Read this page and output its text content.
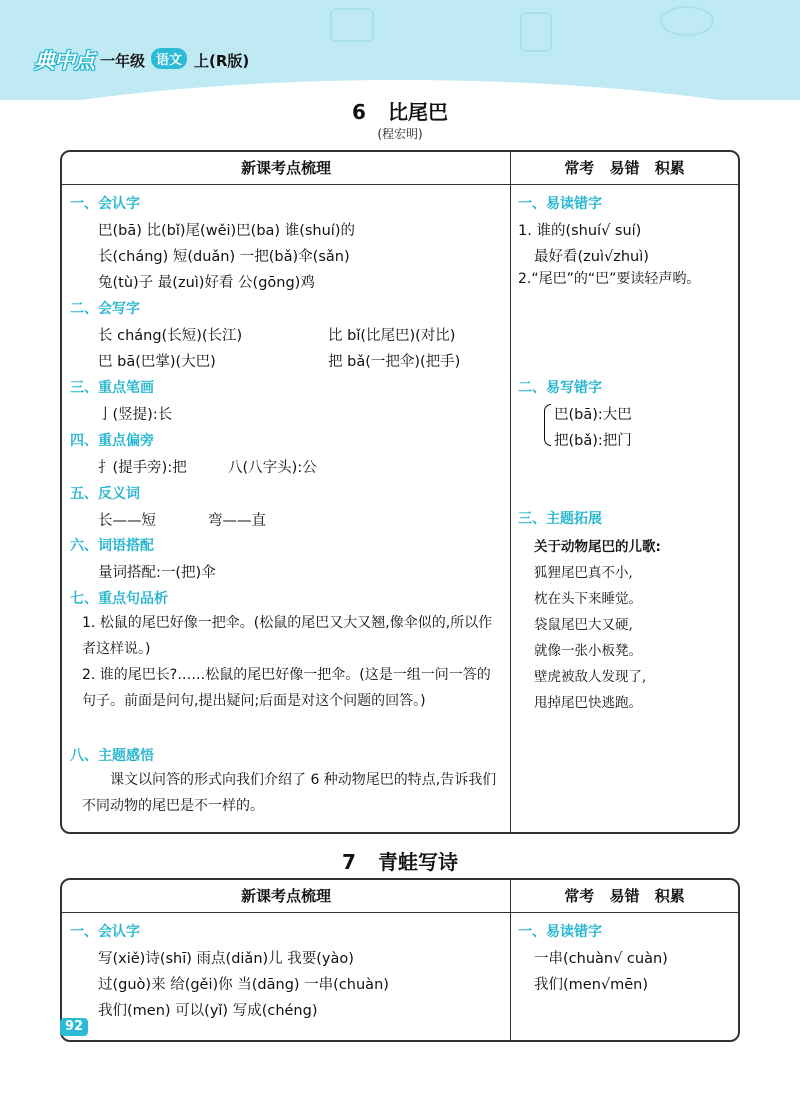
典中点 一年级 语文 上(R版)
6 比尾巴
(程宏明)
新课考点梳理	常考 易错 积累
一、会认字
巴(bā) 比(bǐ)尾(wěi)巴(ba) 谁(shuí)的
长(cháng) 短(duǎn) 一把(bǎ)伞(sǎn)
兔(tù)子 最(zuì)好看 公(gōng)鸡
二、会写字
长 cháng(长短)(长江)	比 bǐ(比尾巴)(对比)
巴 bā(巴掌)(大巴)	把 bǎ(一把伞)(把手)
三、重点笔画
亅(竖提):长
四、重点偏旁
扌(提手旁):把	八(八字头):公
五、反义词
长——短	弯——直
六、词语搭配
量词搭配:一(把)伞
七、重点句品析
1. 松鼠的尾巴好像一把伞。(松鼠的尾巴又大又翘,像伞似的,所以作者这样说。)
2. 谁的尾巴长?……松鼠的尾巴好像一把伞。(这是一组一问一答的句子。前面是问句,提出疑问;后面是对这个问题的回答。)
八、主题感悟
课文以问答的形式向我们介绍了 6 种动物尾巴的特点,告诉我们不同动物的尾巴是不一样的。
一、易读错字
1. 谁的(shuí√ suí)
最好看(zuì√zhuì)
2.“尾巴”的“巴”要读轻声哟。
二、易写错字
巴(bā):大巴
把(bǎ):把门
三、主题拓展
关于动物尾巴的儿歌:
狐狸尾巴真不小,
枕在头下来睡觉。
袋鼠尾巴大又硬,
就像一张小板凳。
壁虎被敌人发现了,
甩掉尾巴快逃跑。
7 青蛙写诗
新课考点梳理	常考 易错 积累
一、会认字
写(xiě)诗(shī) 雨点(diǎn)儿 我要(yào)
过(guò)来 给(gěi)你 当(dāng) 一串(chuàn)
我们(men) 可以(yǐ) 写成(chéng)
一、易读错字
一串(chuàn√ cuàn)
我们(men√mēn)
92
